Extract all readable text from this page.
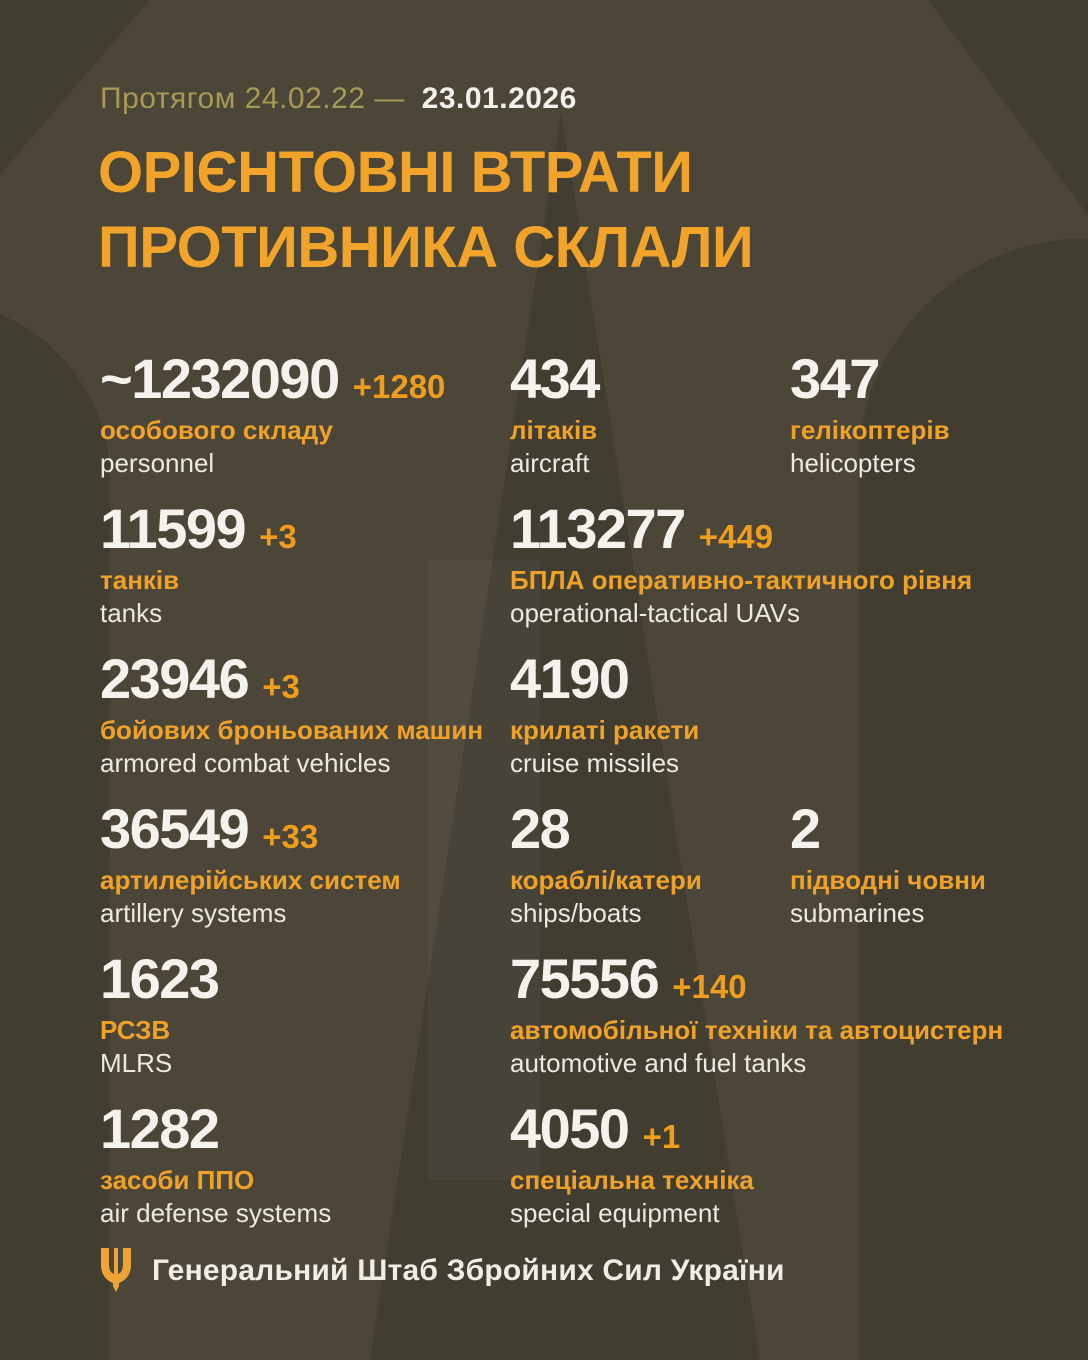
Протягом 24.02.22 — 23.01.2026
ОРІЄНТОВНІ ВТРАТИ
ПРОТИВНИКА СКЛАЛИ
~1232090 +1280
особового складу
personnel
434
літаків
aircraft
347
гелікоптерів
helicopters
11599 +3
танків
tanks
113277 +449
БПЛА оперативно-тактичного рівня
operational-tactical UAVs
23946 +3
бойових броньованих машин
armored combat vehicles
4190
крилаті ракети
cruise missiles
36549 +33
артилерійських систем
artillery systems
28
кораблі/катери
ships/boats
2
підводні човни
submarines
1623
РСЗВ
MLRS
75556 +140
автомобільної техніки та автоцистерн
automotive and fuel tanks
1282
засоби ППО
air defense systems
4050 +1
спеціальна техніка
special equipment
Генеральний Штаб Збройних Сил України
